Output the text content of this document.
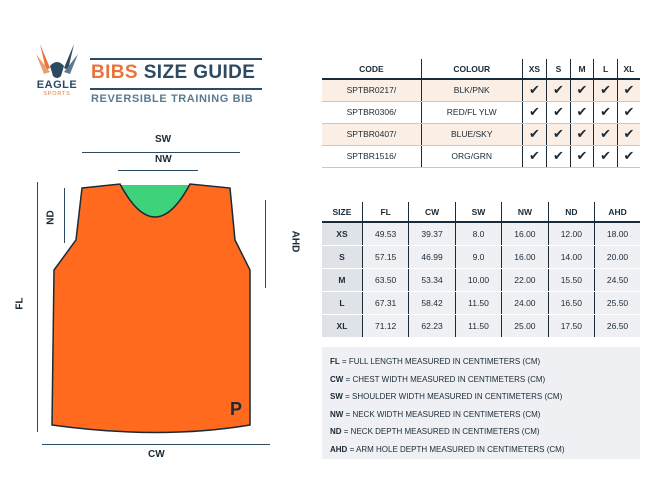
EAGLE
SPORTS
BIBS SIZE GUIDE
REVERSIBLE TRAINING BIB
SW
NW
ND
FL
AHD
CW
P
CODE	COLOUR	XS	S	M	L	XL
SPTBR0217/	BLK/PNK	✔	✔	✔	✔	✔
SPTBR0306/	RED/FL YLW	✔	✔	✔	✔	✔
SPTBR0407/	BLUE/SKY	✔	✔	✔	✔	✔
SPTBR1516/	ORG/GRN	✔	✔	✔	✔	✔
SIZE	FL	CW	SW	NW	ND	AHD
XS	49.53	39.37	8.0	16.00	12.00	18.00
S	57.15	46.99	9.0	16.00	14.00	20.00
M	63.50	53.34	10.00	22.00	15.50	24.50
L	67.31	58.42	11.50	24.00	16.50	25.50
XL	71.12	62.23	11.50	25.00	17.50	26.50
FL = FULL LENGTH MEASURED IN CENTIMETERS (CM)
CW = CHEST WIDTH MEASURED IN CENTIMETERS (CM)
SW = SHOULDER WIDTH MEASURED IN CENTIMETERS (CM)
NW = NECK WIDTH MEASURED IN CENTIMETERS (CM)
ND = NECK DEPTH MEASURED IN CENTIMETERS (CM)
AHD = ARM HOLE DEPTH MEASURED IN CENTIMETERS (CM)
